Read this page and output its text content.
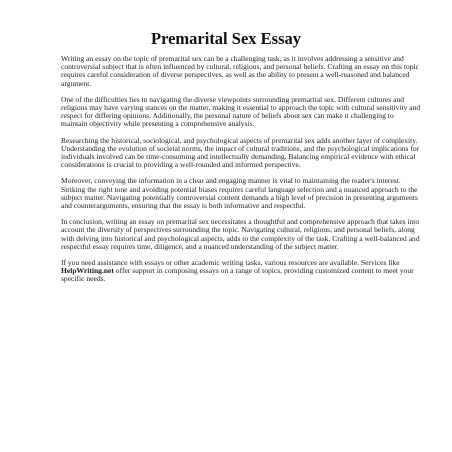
Premarital Sex Essay

Writing an essay on the topic of premarital sex can be a challenging task, as it involves addressing a sensitive and controversial subject that is often influenced by cultural, religious, and personal beliefs. Crafting an essay on this topic requires careful consideration of diverse perspectives, as well as the ability to present a well-reasoned and balanced argument.

One of the difficulties lies in navigating the diverse viewpoints surrounding premarital sex. Different cultures and religions may have varying stances on the matter, making it essential to approach the topic with cultural sensitivity and respect for differing opinions. Additionally, the personal nature of beliefs about sex can make it challenging to maintain objectivity while presenting a comprehensive analysis.

Researching the historical, sociological, and psychological aspects of premarital sex adds another layer of complexity. Understanding the evolution of societal norms, the impact of cultural traditions, and the psychological implications for individuals involved can be time-consuming and intellectually demanding. Balancing empirical evidence with ethical considerations is crucial to providing a well-rounded and informed perspective.

Moreover, conveying the information in a clear and engaging manner is vital to maintaining the reader's interest. Striking the right tone and avoiding potential biases requires careful language selection and a nuanced approach to the subject matter. Navigating potentially controversial content demands a high level of precision in presenting arguments and counterarguments, ensuring that the essay is both informative and respectful.

In conclusion, writing an essay on premarital sex necessitates a thoughtful and comprehensive approach that takes into account the diversity of perspectives surrounding the topic. Navigating cultural, religious, and personal beliefs, along with delving into historical and psychological aspects, adds to the complexity of the task. Crafting a well-balanced and respectful essay requires time, diligence, and a nuanced understanding of the subject matter.

If you need assistance with essays or other academic writing tasks, various resources are available. Services like HelpWriting.net offer support in composing essays on a range of topics, providing customized content to meet your specific needs.
